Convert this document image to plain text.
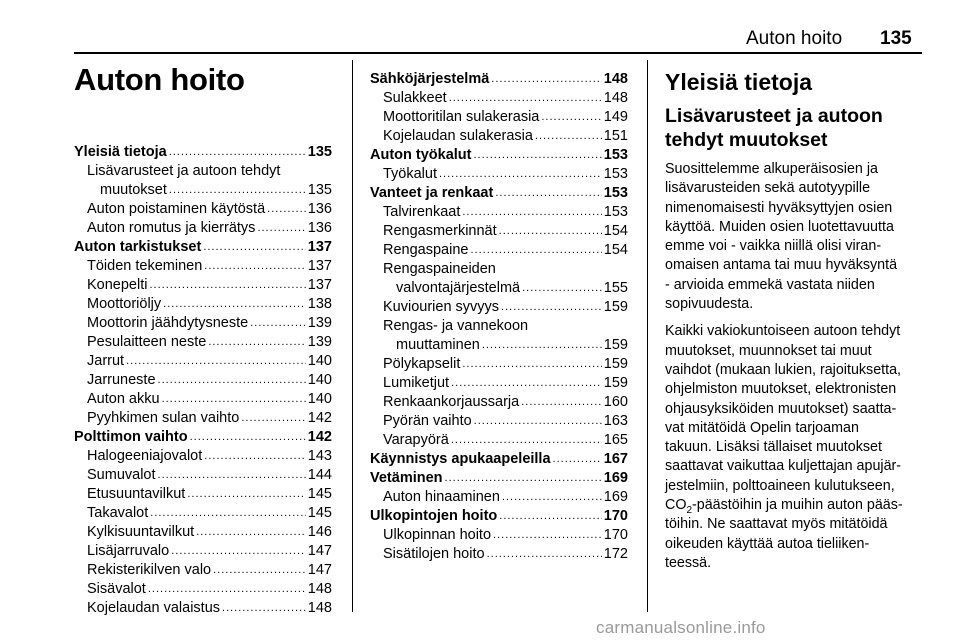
Auton hoito 135
Auton hoito
Yleisiä tietoja .....	135
Lisävarusteet ja autoon tehdyt
muutokset .....	135
Auton poistaminen käytöstä .....	136
Auton romutus ja kierrätys .....	136
Auton tarkistukset .....	137
Töiden tekeminen .....	137
Konepelti .....	137
Moottoriöljy .....	138
Moottorin jäähdytysneste .....	139
Pesulaitteen neste .....	139
Jarrut .....	140
Jarruneste .....	140
Auton akku .....	140
Pyyhkimen sulan vaihto .....	142
Polttimon vaihto .....	142
Halogeeniajovalot .....	143
Sumuvalot .....	144
Etusuuntavilkut .....	145
Takavalot .....	145
Kylkisuuntavilkut .....	146
Lisäjarruvalo .....	147
Rekisterikilven valo .....	147
Sisävalot .....	148
Kojelaudan valaistus .....	148
Sähköjärjestelmä .....	148
Sulakkeet .....	148
Moottoritilan sulakerasia .....	149
Kojelaudan sulakerasia .....	151
Auton työkalut .....	153
Työkalut .....	153
Vanteet ja renkaat .....	153
Talvirenkaat .....	153
Rengasmerkinnät .....	154
Rengaspaine .....	154
Rengaspaineiden
valvontajärjestelmä .....	155
Kuviourien syvyys .....	159
Rengas- ja vannekoon
muuttaminen .....	159
Pölykapselit .....	159
Lumiketjut .....	159
Renkaankorjaussarja .....	160
Pyörän vaihto .....	163
Varapyörä .....	165
Käynnistys apukaapeleilla .....	167
Vetäminen .....	169
Auton hinaaminen .....	169
Ulkopintojen hoito .....	170
Ulkopinnan hoito .....	170
Sisätilojen hoito .....	172
Yleisiä tietoja
Lisävarusteet ja autoon tehdyt muutokset
Suosittelemme alkuperäisosien ja
lisävarusteiden sekä autotyypille
nimenomaisesti hyväksyttyjen osien
käyttöä. Muiden osien luotettavuutta
emme voi - vaikka niillä olisi viran-
omaisen antama tai muu hyväksyntä
- arvioida emmekä vastata niiden
sopivuudesta.
Kaikki vakiokuntoiseen autoon tehdyt
muutokset, muunnokset tai muut
vaihdot (mukaan lukien, rajoituksetta,
ohjelmiston muutokset, elektronisten
ohjausyksiköiden muutokset) saatta-
vat mitätöidä Opelin tarjoaman
takuun. Lisäksi tällaiset muutokset
saattavat vaikuttaa kuljettajan apujär-
jestelmiin, polttoaineen kulutukseen,
$CO_2$-päästöihin ja muihin auton pääs-
töihin. Ne saattavat myös mitätöidä
oikeuden käyttää autoa tieliiken-
teessä.
carmanualsonline.info
